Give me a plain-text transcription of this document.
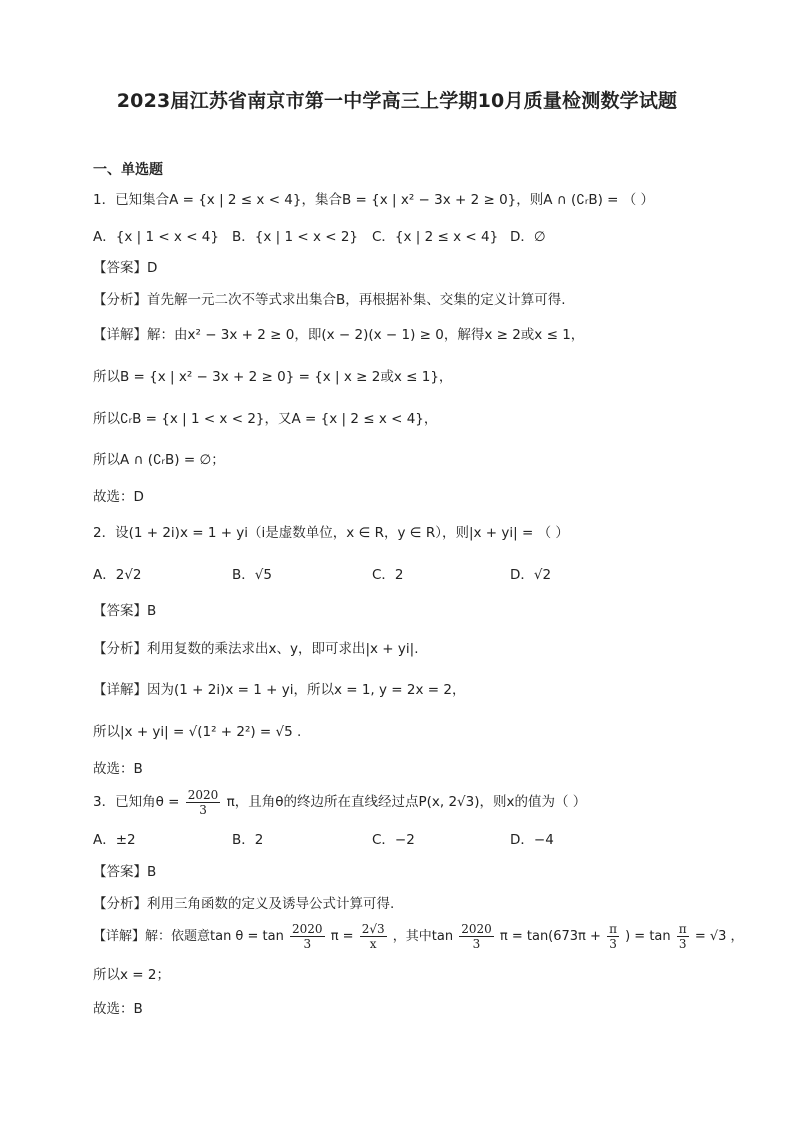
2023届江苏省南京市第一中学高三上学期10月质量检测数学试题
一、单选题
1．已知集合A = {x | 2 ≤ x < 4}，集合B = {x | x² − 3x + 2 ≥ 0}，则A ∩ (∁ᵣB) = （ ）
A．{x | 1 < x < 4} B．{x | 1 < x < 2} C．{x | 2 ≤ x < 4} D．∅
【答案】D
【分析】首先解一元二次不等式求出集合B，再根据补集、交集的定义计算可得.
【详解】解：由x² − 3x + 2 ≥ 0，即(x − 2)(x − 1) ≥ 0，解得x ≥ 2或x ≤ 1，
所以B = {x | x² − 3x + 2 ≥ 0} = {x | x ≥ 2或x ≤ 1}，
所以∁ᵣB = {x | 1 < x < 2}，又A = {x | 2 ≤ x < 4}，
所以A ∩ (∁ᵣB) = ∅；
故选：D
2．设(1 + 2i)x = 1 + yi（i是虚数单位，x ∈ R，y ∈ R），则|x + yi| = （ ）
A．2√2	B．√5	C．2	D．√2
【答案】B
【分析】利用复数的乘法求出x、y，即可求出|x + yi|.
【详解】因为(1 + 2i)x = 1 + yi，所以x = 1, y = 2x = 2，
所以|x + yi| = √(1² + 2²) = √5 .
故选：B
3．已知角$\theta = \frac{2020}{3}$ π，且角θ的终边所在直线经过点P(x, 2√3)，则x的值为（ ）
A．±2	B．2	C．−2	D．−4
【答案】B
【分析】利用三角函数的定义及诱导公式计算可得.
【详解】解：依题意$\tan \theta = \tan \frac{2020}{3}$ $\pi = \frac{2√3}{x}$ ，其中$\tan \frac{2020}{3}$ $\pi = \tan(673\pi + \frac{\pi}{3}$ ) = $\tan \frac{\pi}{3} = √3$ ，
所以x = 2；
故选：B
